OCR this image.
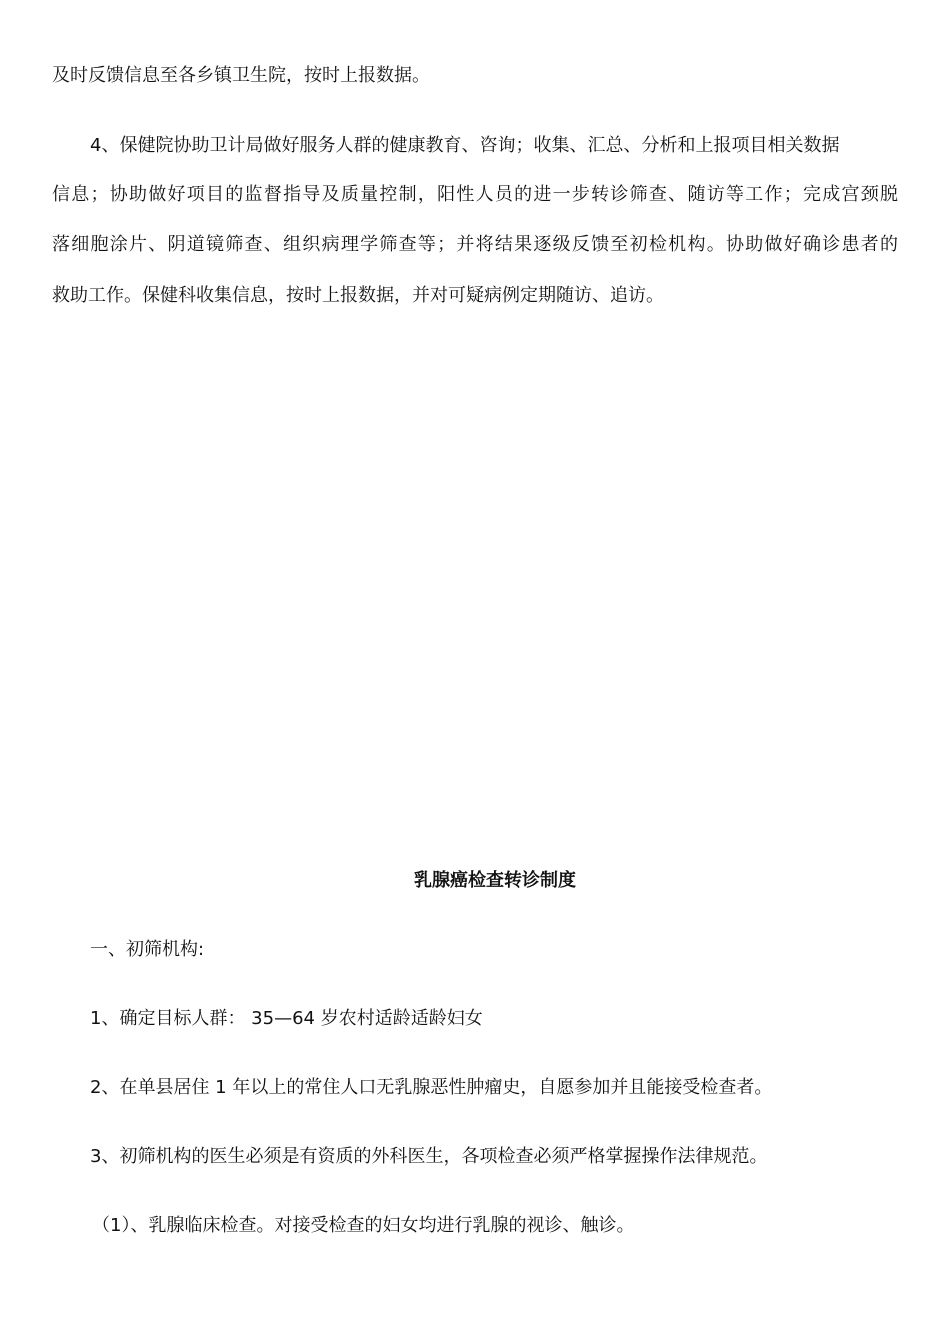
及时反馈信息至各乡镇卫生院，按时上报数据。

4、保健院协助卫计局做好服务人群的健康教育、咨询；收集、汇总、分析和上报项目相关数据

信息；协助做好项目的监督指导及质量控制，阳性人员的进一步转诊筛查、随访等工作；完成宫颈脱

落细胞涂片、阴道镜筛查、组织病理学筛查等；并将结果逐级反馈至初检机构。协助做好确诊患者的

救助工作。保健科收集信息，按时上报数据，并对可疑病例定期随访、追访。

乳腺癌检查转诊制度

一、初筛机构:

1、确定目标人群： 35—64 岁农村适龄适龄妇女

2、在单县居住 1 年以上的常住人口无乳腺恶性肿瘤史，自愿参加并且能接受检查者。

3、初筛机构的医生必须是有资质的外科医生，各项检查必须严格掌握操作法律规范。

（1）、乳腺临床检查。对接受检查的妇女均进行乳腺的视诊、触诊。
